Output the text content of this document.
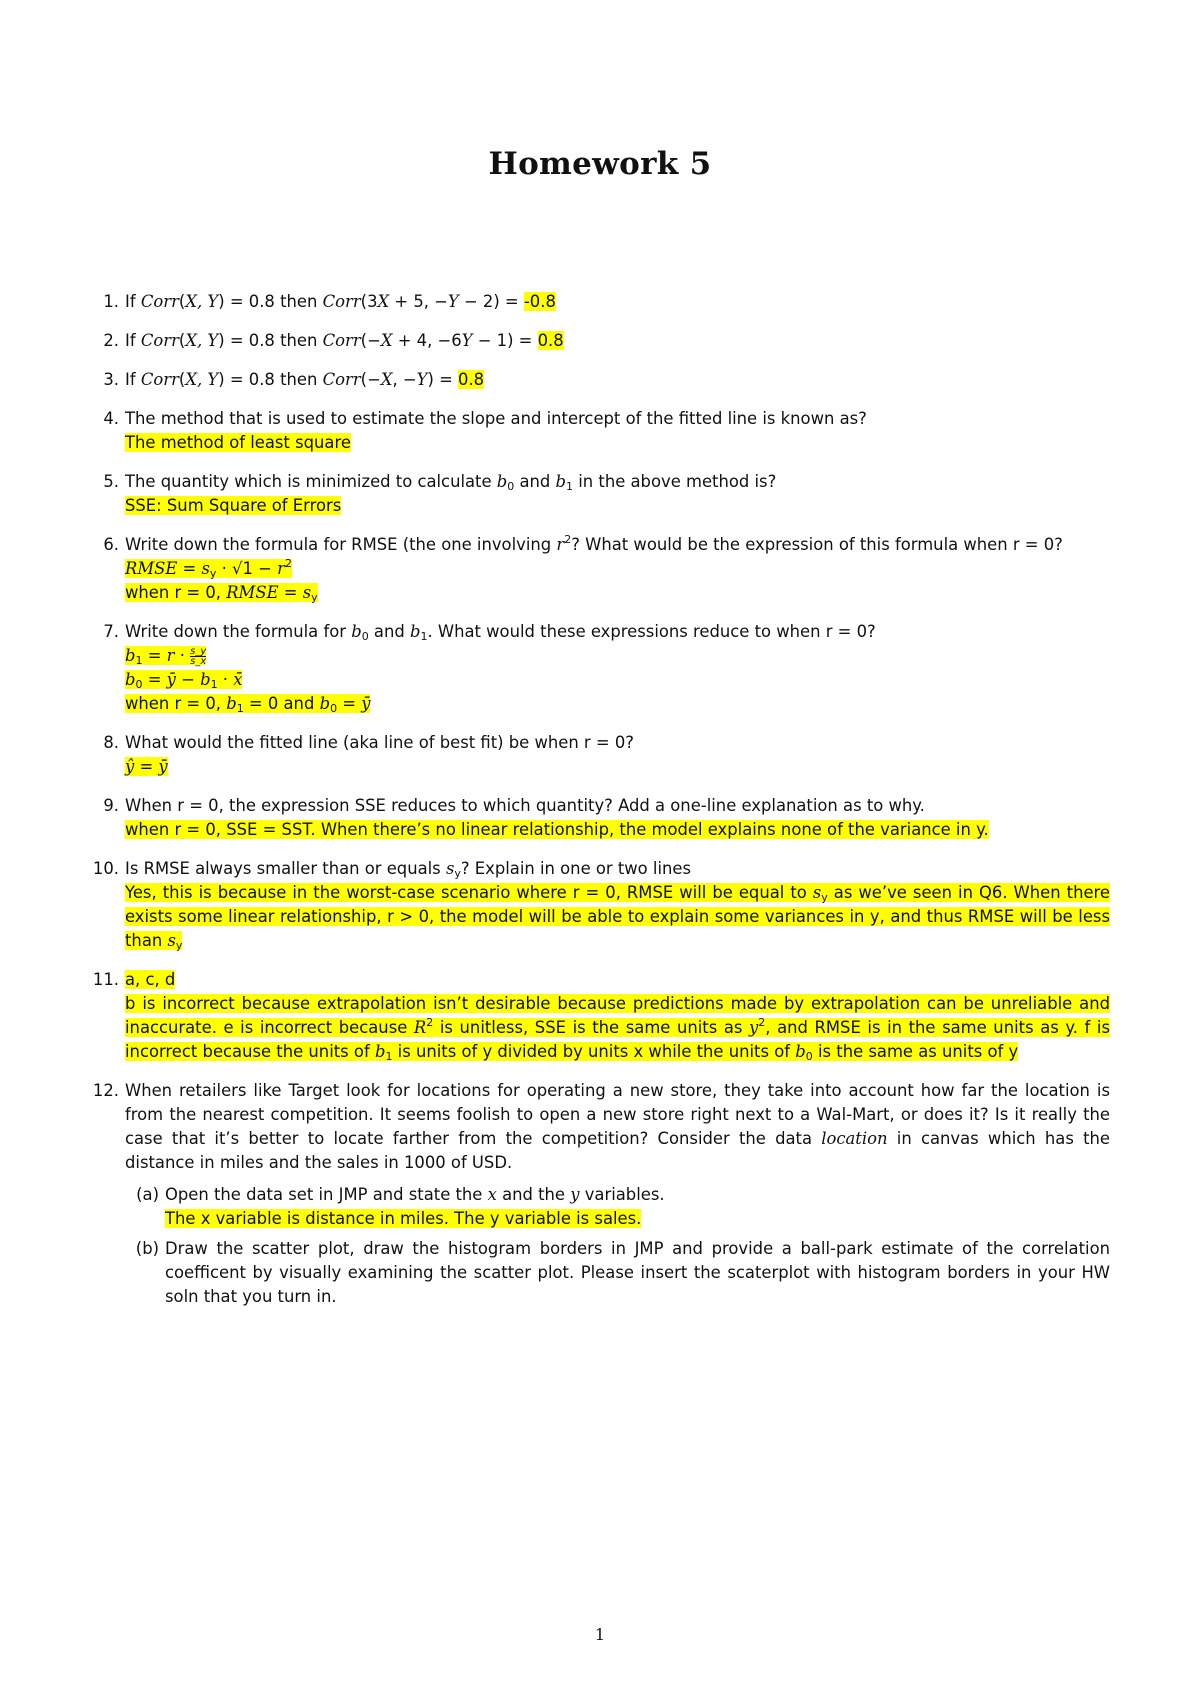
Homework 5
1. If Corr(X, Y) = 0.8 then Corr(3X + 5, −Y − 2) = -0.8
2. If Corr(X, Y) = 0.8 then Corr(−X + 4, −6Y − 1) = 0.8
3. If Corr(X, Y) = 0.8 then Corr(−X, −Y) = 0.8
4. The method that is used to estimate the slope and intercept of the fitted line is known as?
The method of least square
5. The quantity which is minimized to calculate $b_0$ and $b_1$ in the above method is?
SSE: Sum Square of Errors
6. Write down the formula for RMSE (the one involving $r^2$? What would be the expression of this formula when r = 0?
RMSE = $s_y \cdot √1 - r^2$
when r = 0, RMSE = $s_y$
7. Write down the formula for $b_0$ and $b_1$. What would these expressions reduce to when r = 0?
$b_1 = r \cdot \frac{s\_y}{s\_x}$
$b_0$ = ȳ − $b_1$ · x̄
when r = 0, $b_1 = 0$ and $b_0$ = ȳ
8. What would the fitted line (aka line of best fit) be when r = 0?
ŷ = ȳ
9. When r = 0, the expression SSE reduces to which quantity? Add a one-line explanation as to why.
when r = 0, SSE = SST. When there’s no linear relationship, the model explains none of the variance in y.
10. Is RMSE always smaller than or equals $s_y$? Explain in one or two lines
Yes, this is because in the worst-case scenario where r = 0, RMSE will be equal to $s_y$ as we’ve seen in Q6. When there exists some linear relationship, r > 0, the model will be able to explain some variances in y, and thus RMSE will be less than $s_y$
11. a, c, d
b is incorrect because extrapolation isn’t desirable because predictions made by extrapolation can be unreliable and inaccurate. e is incorrect because $R^2$ is unitless, SSE is the same units as $y^2$, and RMSE is in the same units as y. f is incorrect because the units of $b_1$ is units of y divided by units x while the units of $b_0$ is the same as units of y
12. When retailers like Target look for locations for operating a new store, they take into account how far the location is from the nearest competition. It seems foolish to open a new store right next to a Wal-Mart, or does it? Is it really the case that it’s better to locate farther from the competition? Consider the data location in canvas which has the distance in miles and the sales in 1000 of USD.
(a) Open the data set in JMP and state the x and the y variables.
The x variable is distance in miles. The y variable is sales.
(b) Draw the scatter plot, draw the histogram borders in JMP and provide a ball-park estimate of the correlation coefficent by visually examining the scatter plot. Please insert the scaterplot with histogram borders in your HW soln that you turn in.
1
